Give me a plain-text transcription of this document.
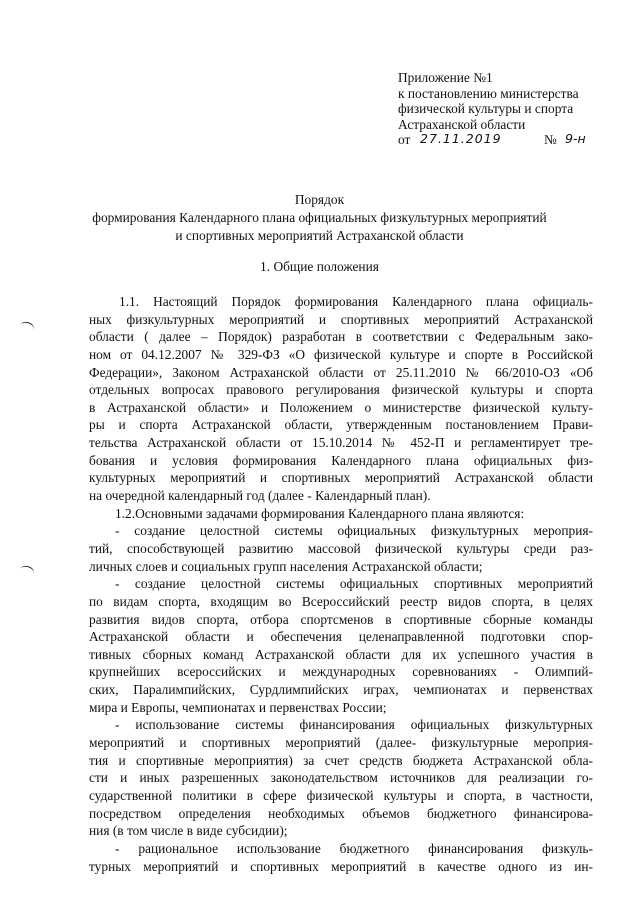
Приложение №1
к постановлению министерства
физической культуры и спорта
Астраханской области
от 27.11.2019	№ 9-н
Порядок
формирования Календарного плана официальных физкультурных мероприятий
и спортивных мероприятий Астраханской области
1. Общие положения
1.1. Настоящий Порядок формирования Календарного плана официаль-
ных физкультурных мероприятий и спортивных мероприятий Астраханской
области ( далее – Порядок) разработан в соответствии с Федеральным зако-
ном от 04.12.2007 № 329-ФЗ «О физической культуре и спорте в Российской
Федерации», Законом Астраханской области от 25.11.2010 № 66/2010-ОЗ «Об
отдельных вопросах правового регулирования физической культуры и спорта
в Астраханской области» и Положением о министерстве физической культу-
ры и спорта Астраханской области, утвержденным постановлением Прави-
тельства Астраханской области от 15.10.2014 № 452-П и регламентирует тре-
бования и условия формирования Календарного плана официальных физ-
культурных мероприятий и спортивных мероприятий Астраханской области
на очередной календарный год (далее - Календарный план).
1.2.Основными задачами формирования Календарного плана являются:
- создание целостной системы официальных физкультурных мероприя-
тий, способствующей развитию массовой физической культуры среди раз-
личных слоев и социальных групп населения Астраханской области;
- создание целостной системы официальных спортивных мероприятий
по видам спорта, входящим во Всероссийский реестр видов спорта, в целях
развития видов спорта, отбора спортсменов в спортивные сборные команды
Астраханской области и обеспечения целенаправленной подготовки спор-
тивных сборных команд Астраханской области для их успешного участия в
крупнейших всероссийских и международных соревнованиях - Олимпий-
ских, Паралимпийских, Сурдлимпийских играх, чемпионатах и первенствах
мира и Европы, чемпионатах и первенствах России;
- использование системы финансирования официальных физкультурных
мероприятий и спортивных мероприятий (далее- физкультурные мероприя-
тия и спортивные мероприятия) за счет средств бюджета Астраханской обла-
сти и иных разрешенных законодательством источников для реализации го-
сударственной политики в сфере физической культуры и спорта, в частности,
посредством определения необходимых объемов бюджетного финансирова-
ния (в том числе в виде субсидии);
- рациональное использование бюджетного финансирования физкуль-
турных мероприятий и спортивных мероприятий в качестве одного из ин-
